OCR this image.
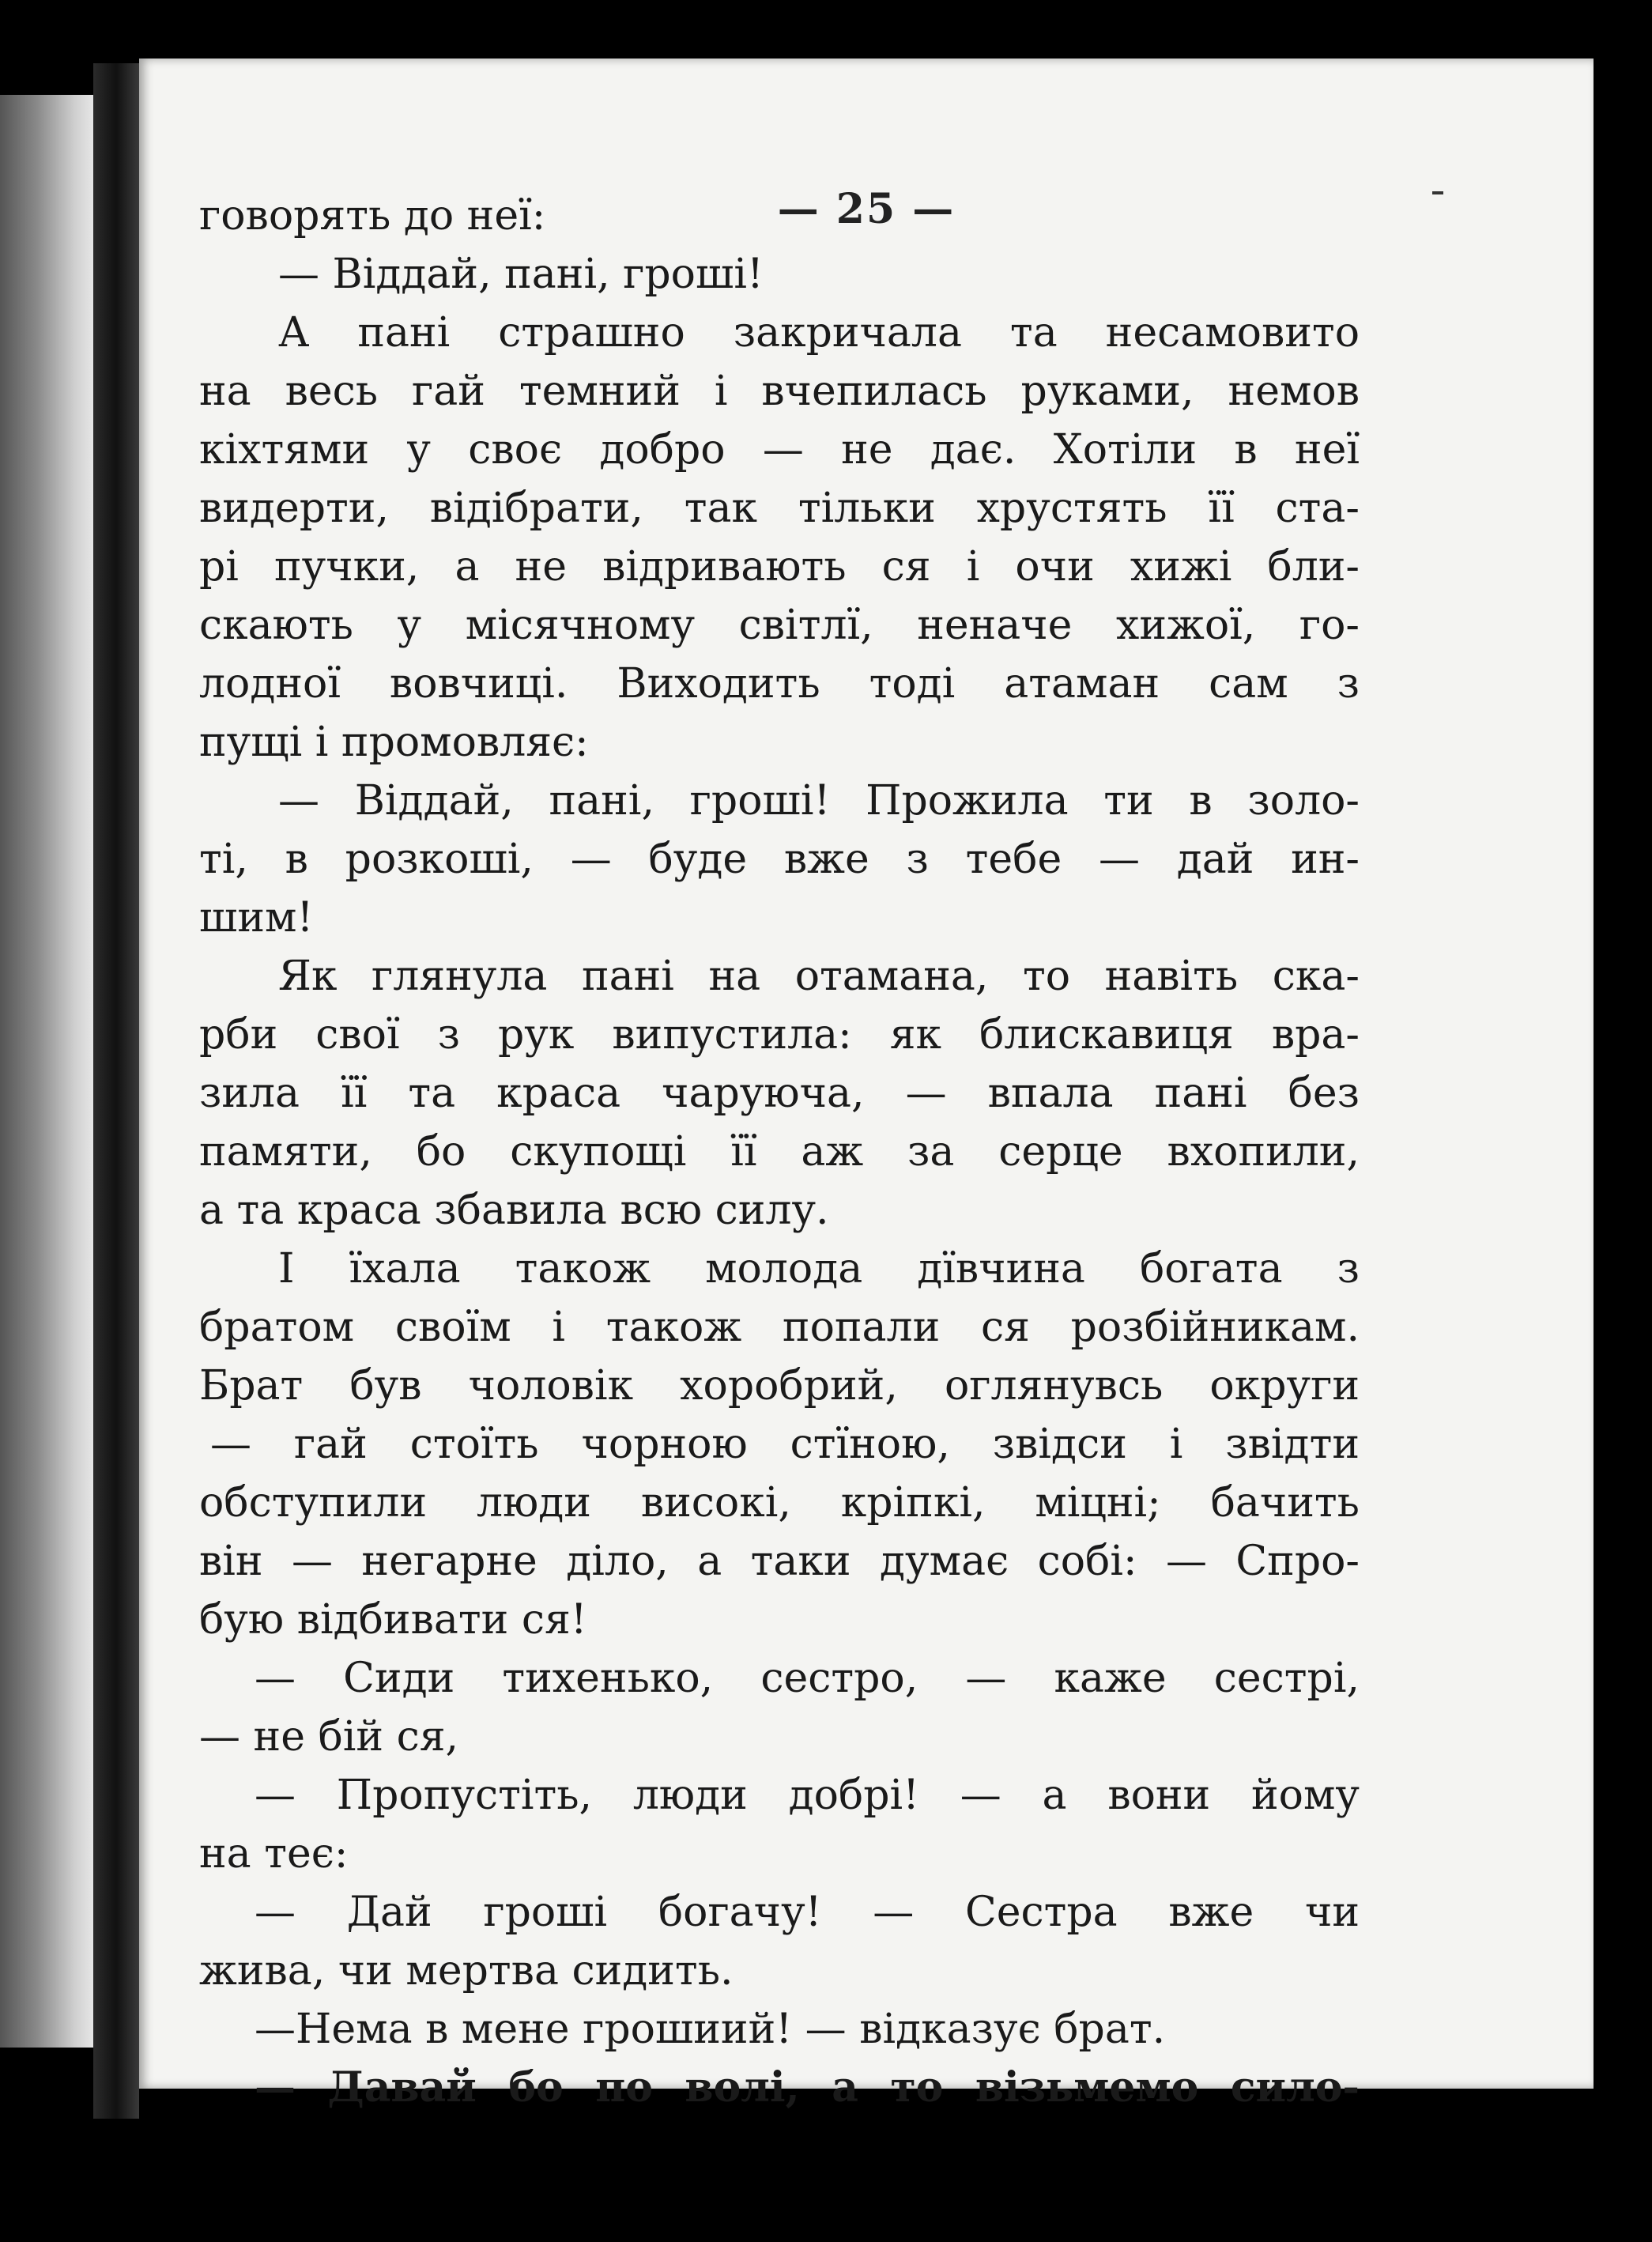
— 25 —
говорять до неї:
— Віддай, пані, гроші!
А пані страшно закричала та несамовито
на весь гай темний і вчепилась руками, немов
кіхтями у своє добро — не дає. Хотіли в неї
видерти, відібрати, так тільки хрустять її ста-
рі пучки, а не відривають ся і очи хижі бли-
скають у місячному світлї, неначе хижої, го-
лодної вовчиці. Виходить тоді атаман сам з
пущі і промовляє:
— Віддай, пані, гроші! Прожила ти в золо-
ті, в розкоші, — буде вже з тебе — дай ин-
шим!
Як глянула пані на отамана, то навіть ска-
рби свої з рук випустила: як блискавиця вра-
зила її та краса чаруюча, — впала пані без
памяти, бо скупощі її аж за серце вхопили,
а та краса збавила всю силу.
І їхала також молода дївчина богата з
братом своїм і також попали ся розбійникам.
Брат був чоловік хоробрий, оглянувсь округи
— гай стоїть чорною стїною, звідси і звідти
обступили люди високі, кріпкі, міцні; бачить
він — негарне діло, а таки думає собі: — Спро-
бую відбивати ся!
— Сиди тихенько, сестро, — каже сестрі,
— не бій ся,
— Пропустіть, люди добрі! — а вони йому
на теє:
— Дай гроші богачу! — Сестра вже чи
жива, чи мертва сидить.
—Нема в мене грошиий! — відказує брат.
— Давай бо по волі, а то візьмемо сило-
